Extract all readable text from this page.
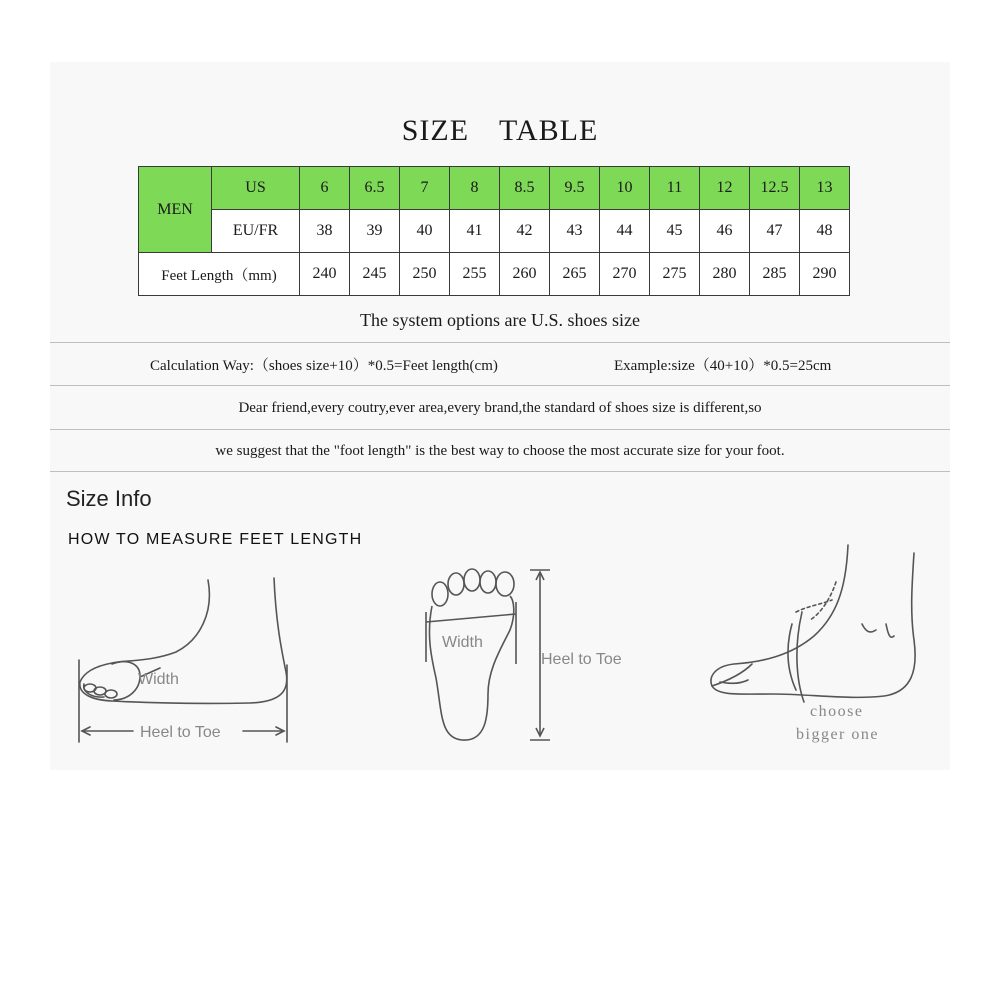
SIZE TABLE
MEN	US	6	6.5	7	8	8.5	9.5	10	11	12	12.5	13
	EU/FR	38	39	40	41	42	43	44	45	46	47	48
Feet Length（mm)		240	245	250	255	260	265	270	275	280	285	290
The system options are U.S. shoes size
Calculation Way:（shoes size+10）*0.5=Feet length(cm)	Example:size（40+10）*0.5=25cm
Dear friend,every coutry,ever area,every brand,the standard of shoes size is different,so
we suggest that the "foot length" is the best way to choose the most accurate size for your foot.
Size Info
HOW TO MEASURE FEET LENGTH
Width
Heel to Toe
Width
Heel to Toe
choose
bigger one
